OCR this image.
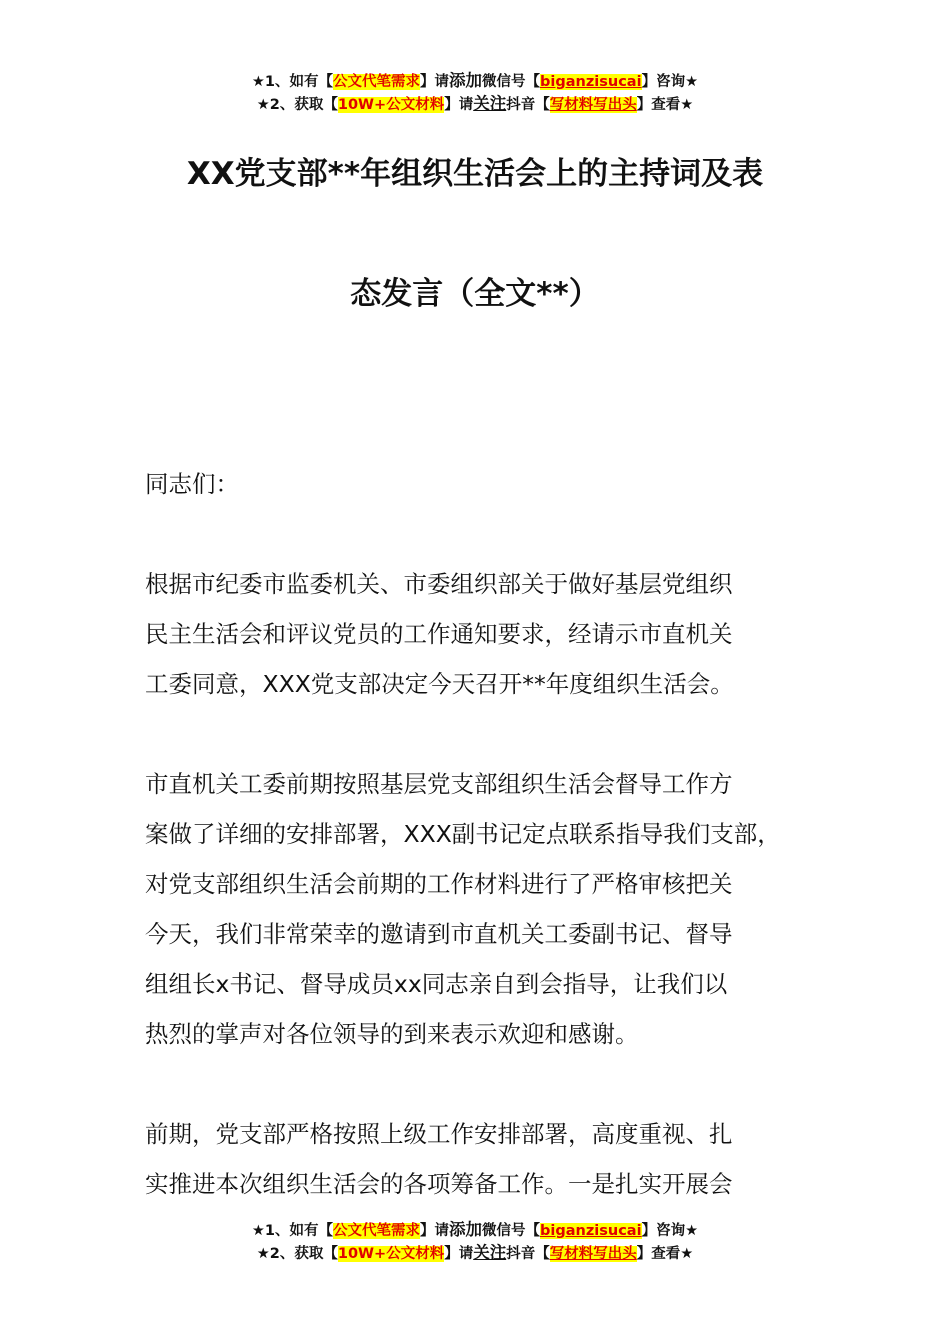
★1、如有【公文代笔需求】请添加微信号【biganzisucai】咨询★
★2、获取【10W+公文材料】请关注抖音【写材料写出头】查看★
XX党支部**年组织生活会上的主持词及表
态发言（全文**）
同志们：
根据市纪委市监委机关、市委组织部关于做好基层党组织
民主生活会和评议党员的工作通知要求，经请示市直机关
工委同意，XXX党支部决定今天召开**年度组织生活会。
市直机关工委前期按照基层党支部组织生活会督导工作方
案做了详细的安排部署，XXX副书记定点联系指导我们支部，
对党支部组织生活会前期的工作材料进行了严格审核把关
今天，我们非常荣幸的邀请到市直机关工委副书记、督导
组组长x书记、督导成员xx同志亲自到会指导，让我们以
热烈的掌声对各位领导的到来表示欢迎和感谢。
前期，党支部严格按照上级工作安排部署，高度重视、扎
实推进本次组织生活会的各项筹备工作。一是扎实开展会
★1、如有【公文代笔需求】请添加微信号【biganzisucai】咨询★
★2、获取【10W+公文材料】请关注抖音【写材料写出头】查看★
